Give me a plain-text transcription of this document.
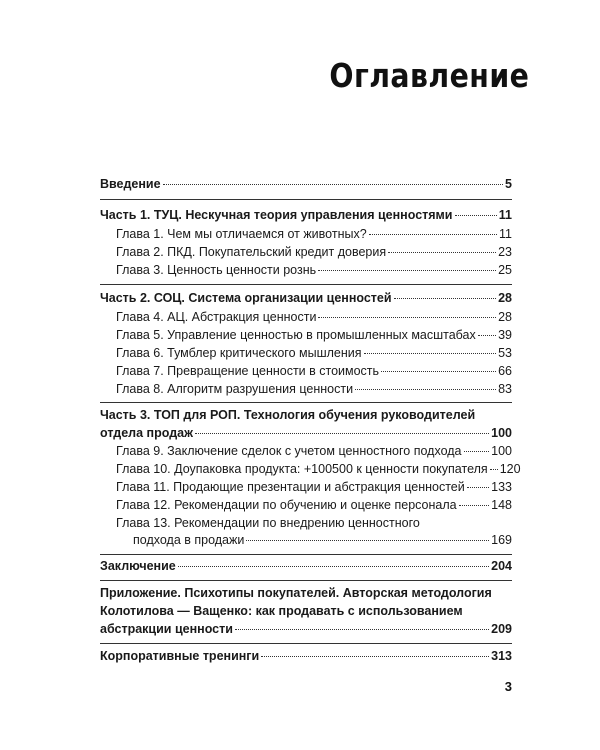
Оглавление
Введение	5
Часть 1. ТУЦ. Нескучная теория управления ценностями	11
Глава 1. Чем мы отличаемся от животных?	11
Глава 2. ПКД. Покупательский кредит доверия	23
Глава 3. Ценность ценности рознь	25
Часть 2. СОЦ. Система организации ценностей	28
Глава 4. АЦ. Абстракция ценности	28
Глава 5. Управление ценностью в промышленных масштабах 39
Глава 6. Тумблер критического мышления	53
Глава 7. Превращение ценности в стоимость	66
Глава 8. Алгоритм разрушения ценности	83
Часть 3. ТОП для РОП. Технология обучения руководителей
отдела продаж	100
Глава 9. Заключение сделок с учетом ценностного подхода 100
Глава 10. Доупаковка продукта: +100500 к ценности покупателя 120
Глава 11. Продающие презентации и абстракция ценностей 133
Глава 12. Рекомендации по обучению и оценке персонала	148
Глава 13. Рекомендации по внедрению ценностного
подхода в продажи	169
Заключение	204
Приложение. Психотипы покупателей. Авторская методология
Колотилова — Ващенко: как продавать с использованием
абстракции ценности	209
Корпоративные тренинги	313
3
